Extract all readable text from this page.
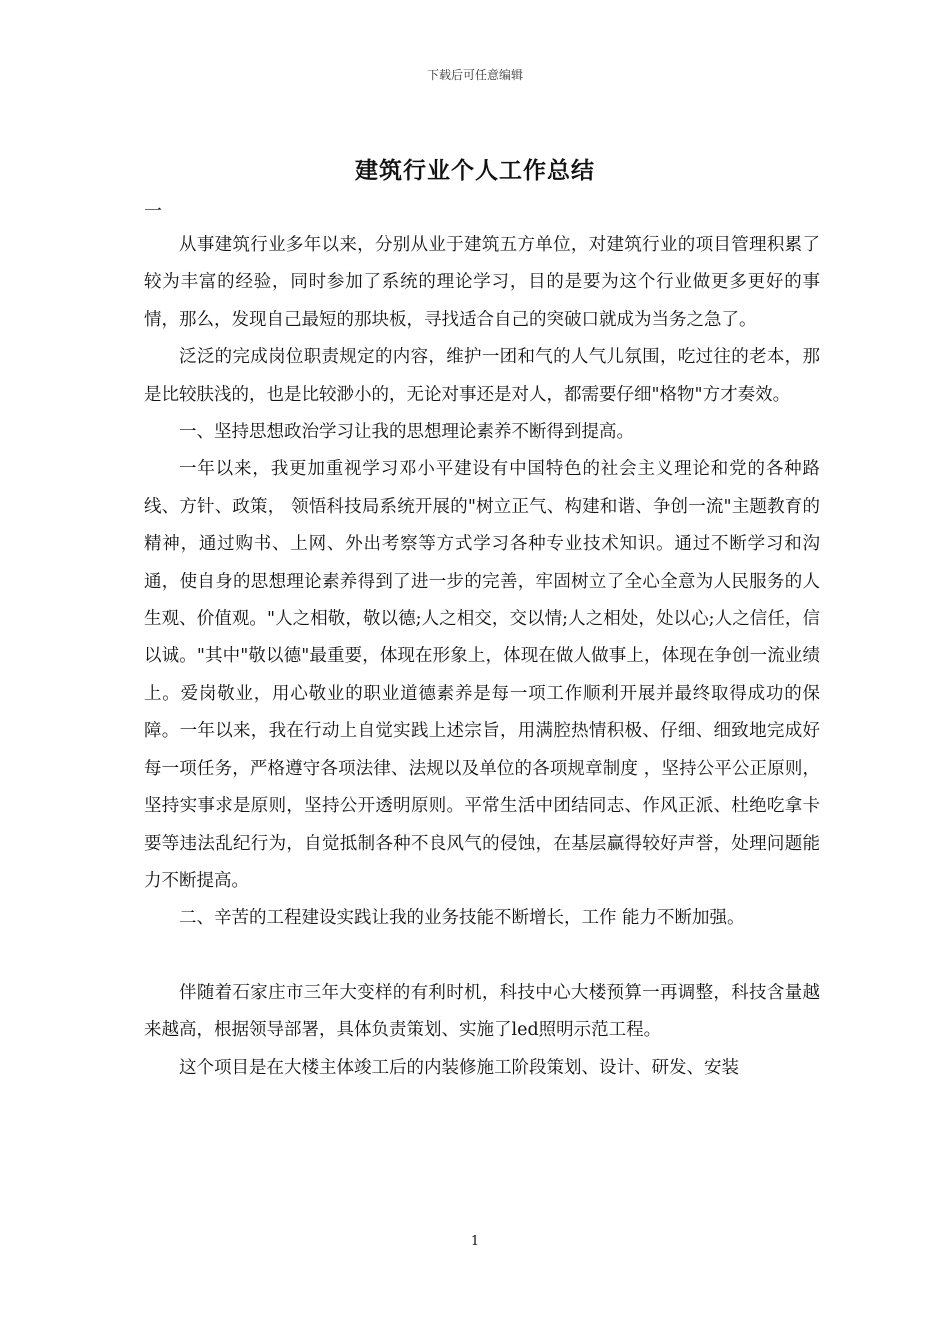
下载后可任意编辑
建筑行业个人工作总结
一

从事建筑行业多年以来，分别从业于建筑五方单位，对建筑行业的项目管理积累了较为丰富的经验，同时参加了系统的理论学习，目的是要为这个行业做更多更好的事情，那么，发现自己最短的那块板，寻找适合自己的突破口就成为当务之急了。

泛泛的完成岗位职责规定的内容，维护一团和气的人气儿氛围，吃过往的老本，那是比较肤浅的，也是比较渺小的，无论对事还是对人，都需要仔细"格物"方才奏效。

一、坚持思想政治学习让我的思想理论素养不断得到提高。

一年以来，我更加重视学习邓小平建设有中国特色的社会主义理论和党的各种路线、方针、政策， 领悟科技局系统开展的"树立正气、构建和谐、争创一流"主题教育的精神，通过购书、上网、外出考察等方式学习各种专业技术知识。通过不断学习和沟通，使自身的思想理论素养得到了进一步的完善，牢固树立了全心全意为人民服务的人生观、价值观。"人之相敬，敬以德;人之相交，交以情;人之相处，处以心;人之信任，信以诚。"其中"敬以德"最重要，体现在形象上，体现在做人做事上，体现在争创一流业绩上。爱岗敬业，用心敬业的职业道德素养是每一项工作顺利开展并最终取得成功的保障。一年以来，我在行动上自觉实践上述宗旨，用满腔热情积极、仔细、细致地完成好每一项任务，严格遵守各项法律、法规以及单位的各项规章制度 ，坚持公平公正原则，坚持实事求是原则，坚持公开透明原则。平常生活中团结同志、作风正派、杜绝吃拿卡要等违法乱纪行为，自觉抵制各种不良风气的侵蚀，在基层赢得较好声誉，处理问题能力不断提高。

二、辛苦的工程建设实践让我的业务技能不断增长，工作 能力不断加强。

伴随着石家庄市三年大变样的有利时机，科技中心大楼预算一再调整，科技含量越来越高，根据领导部署，具体负责策划、实施了led照明示范工程。

这个项目是在大楼主体竣工后的内装修施工阶段策划、设计、研发、安装

1
